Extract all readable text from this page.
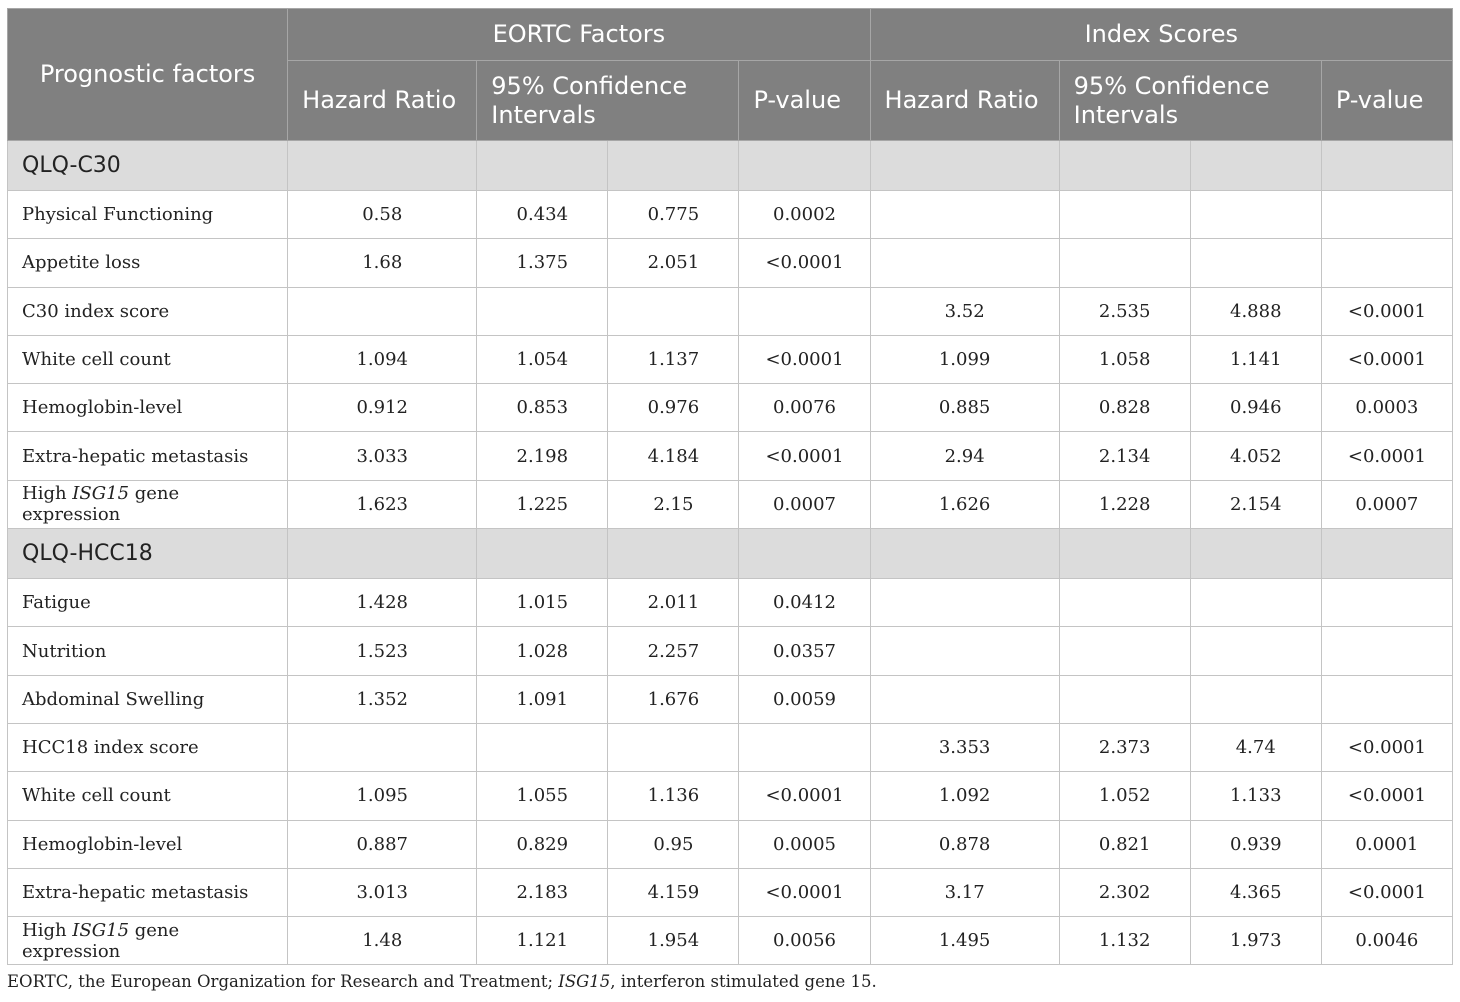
Prognostic factors	EORTC Factors				Index Scores			
	Hazard Ratio	95% Confidence Intervals		P-value	Hazard Ratio	95% Confidence Intervals		P-value
QLQ-C30								
Physical Functioning	0.58	0.434	0.775	0.0002				
Appetite loss	1.68	1.375	2.051	<0.0001				
C30 index score					3.52	2.535	4.888	<0.0001
White cell count	1.094	1.054	1.137	<0.0001	1.099	1.058	1.141	<0.0001
Hemoglobin-level	0.912	0.853	0.976	0.0076	0.885	0.828	0.946	0.0003
Extra-hepatic metastasis	3.033	2.198	4.184	<0.0001	2.94	2.134	4.052	<0.0001
High ISG15 gene expression	1.623	1.225	2.15	0.0007	1.626	1.228	2.154	0.0007
QLQ-HCC18								
Fatigue	1.428	1.015	2.011	0.0412				
Nutrition	1.523	1.028	2.257	0.0357				
Abdominal Swelling	1.352	1.091	1.676	0.0059				
HCC18 index score					3.353	2.373	4.74	<0.0001
White cell count	1.095	1.055	1.136	<0.0001	1.092	1.052	1.133	<0.0001
Hemoglobin-level	0.887	0.829	0.95	0.0005	0.878	0.821	0.939	0.0001
Extra-hepatic metastasis	3.013	2.183	4.159	<0.0001	3.17	2.302	4.365	<0.0001
High ISG15 gene expression	1.48	1.121	1.954	0.0056	1.495	1.132	1.973	0.0046
EORTC, the European Organization for Research and Treatment; ISG15, interferon stimulated gene 15.
